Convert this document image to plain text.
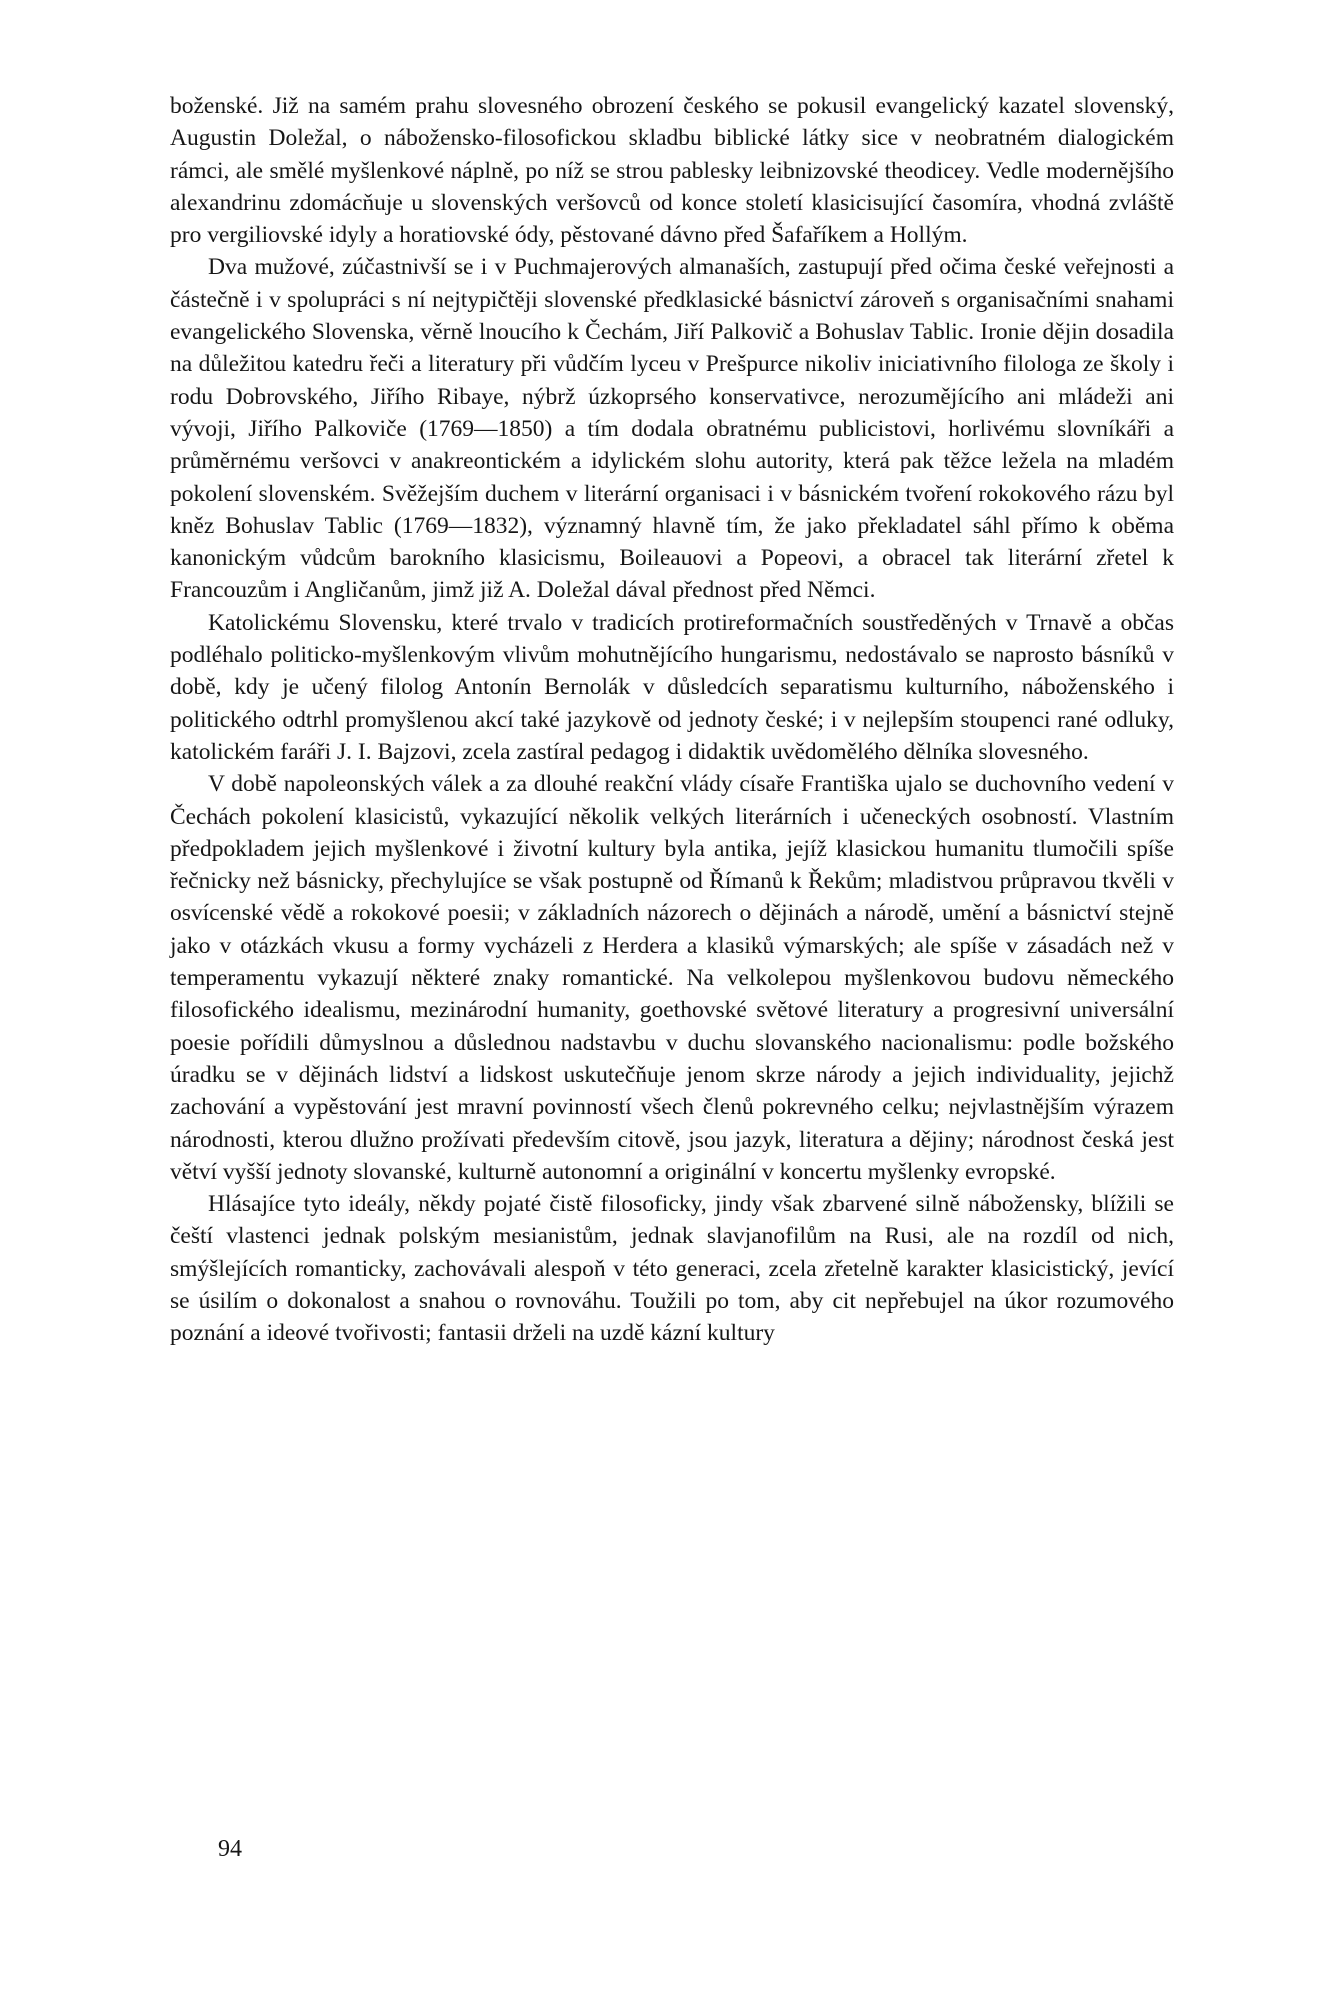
boženské. Již na samém prahu slovesného obrození českého se pokusil evangelický kazatel slovenský, Augustin Doležal, o nábožensko-filosofickou skladbu biblické látky sice v neobratném dialogickém rámci, ale smělé myšlenkové náplně, po níž se strou pablesky leibnizovské theodicey. Vedle modernějšího alexandrinu zdomácňuje u slovenských veršovců od konce století klasicisující časomíra, vhodná zvláště pro vergiliovské idyly a horatiovské ódy, pěstované dávno před Šafaříkem a Hollým.

Dva mužové, zúčastnivší se i v Puchmajerových almanaších, zastupují před očima české veřejnosti a částečně i v spolupráci s ní nejtypičtěji slovenské předklasické básnictví zároveň s organisačními snahami evangelického Slovenska, věrně lnoucího k Čechám, Jiří Palkovič a Bohuslav Tablic. Ironie dějin dosadila na důležitou katedru řeči a literatury při vůdčím lyceu v Prešpurce nikoliv iniciativního filologa ze školy i rodu Dobrovského, Jiřího Ribaye, nýbrž úzkoprsého konservativce, nerozumějícího ani mládeži ani vývoji, Jiřího Palkoviče (1769—1850) a tím dodala obratnému publicistovi, horlivému slovníkáři a průměrnému veršovci v anakreontickém a idylickém slohu autority, která pak těžce ležela na mladém pokolení slovenském. Svěžejším duchem v literární organisaci i v básnickém tvoření rokokového rázu byl kněz Bohuslav Tablic (1769—1832), významný hlavně tím, že jako překladatel sáhl přímo k oběma kanonickým vůdcům barokního klasicismu, Boileauovi a Popeovi, a obracel tak literární zřetel k Francouzům i Angličanům, jimž již A. Doležal dával přednost před Němci.

Katolickému Slovensku, které trvalo v tradicích protireformačních soustředěných v Trnavě a občas podléhalo politicko-myšlenkovým vlivům mohutnějícího hungarismu, nedostávalo se naprosto básníků v době, kdy je učený filolog Antonín Bernolák v důsledcích separatismu kulturního, náboženského i politického odtrhl promyšlenou akcí také jazykově od jednoty české; i v nejlepším stoupenci rané odluky, katolickém faráři J. I. Bajzovi, zcela zastíral pedagog i didaktik uvědomělého dělníka slovesného.

V době napoleonských válek a za dlouhé reakční vlády císaře Františka ujalo se duchovního vedení v Čechách pokolení klasicistů, vykazující několik velkých literárních i učeneckých osobností. Vlastním předpokladem jejich myšlenkové i životní kultury byla antika, jejíž klasickou humanitu tlumočili spíše řečnicky než básnicky, přechylujíce se však postupně od Římanů k Řekům; mladistvou průpravou tkvěli v osvícenské vědě a rokokové poesii; v základních názorech o dějinách a národě, umění a básnictví stejně jako v otázkách vkusu a formy vycházeli z Herdera a klasiků výmarských; ale spíše v zásadách než v temperamentu vykazují některé znaky romantické. Na velkolepou myšlenkovou budovu německého filosofického idealismu, mezinárodní humanity, goethovské světové literatury a progresivní universální poesie pořídili důmyslnou a důslednou nadstavbu v duchu slovanského nacionalismu: podle božského úradku se v dějinách lidství a lidskost uskutečňuje jenom skrze národy a jejich individuality, jejichž zachování a vypěstování jest mravní povinností všech členů pokrevného celku; nejvlastnějším výrazem národnosti, kterou dlužno prožívati především citově, jsou jazyk, literatura a dějiny; národnost česká jest větví vyšší jednoty slovanské, kulturně autonomní a originální v koncertu myšlenky evropské.

Hlásajíce tyto ideály, někdy pojaté čistě filosoficky, jindy však zbarvené silně nábožensky, blížili se čeští vlastenci jednak polským mesianistům, jednak slavjanofilům na Rusi, ale na rozdíl od nich, smýšlejících romanticky, zachovávali alespoň v této generaci, zcela zřetelně karakter klasicistický, jevící se úsilím o dokonalost a snahou o rovnováhu. Toužili po tom, aby cit nepřebujel na úkor rozumového poznání a ideové tvořivosti; fantasii drželi na uzdě kázní kultury

94
